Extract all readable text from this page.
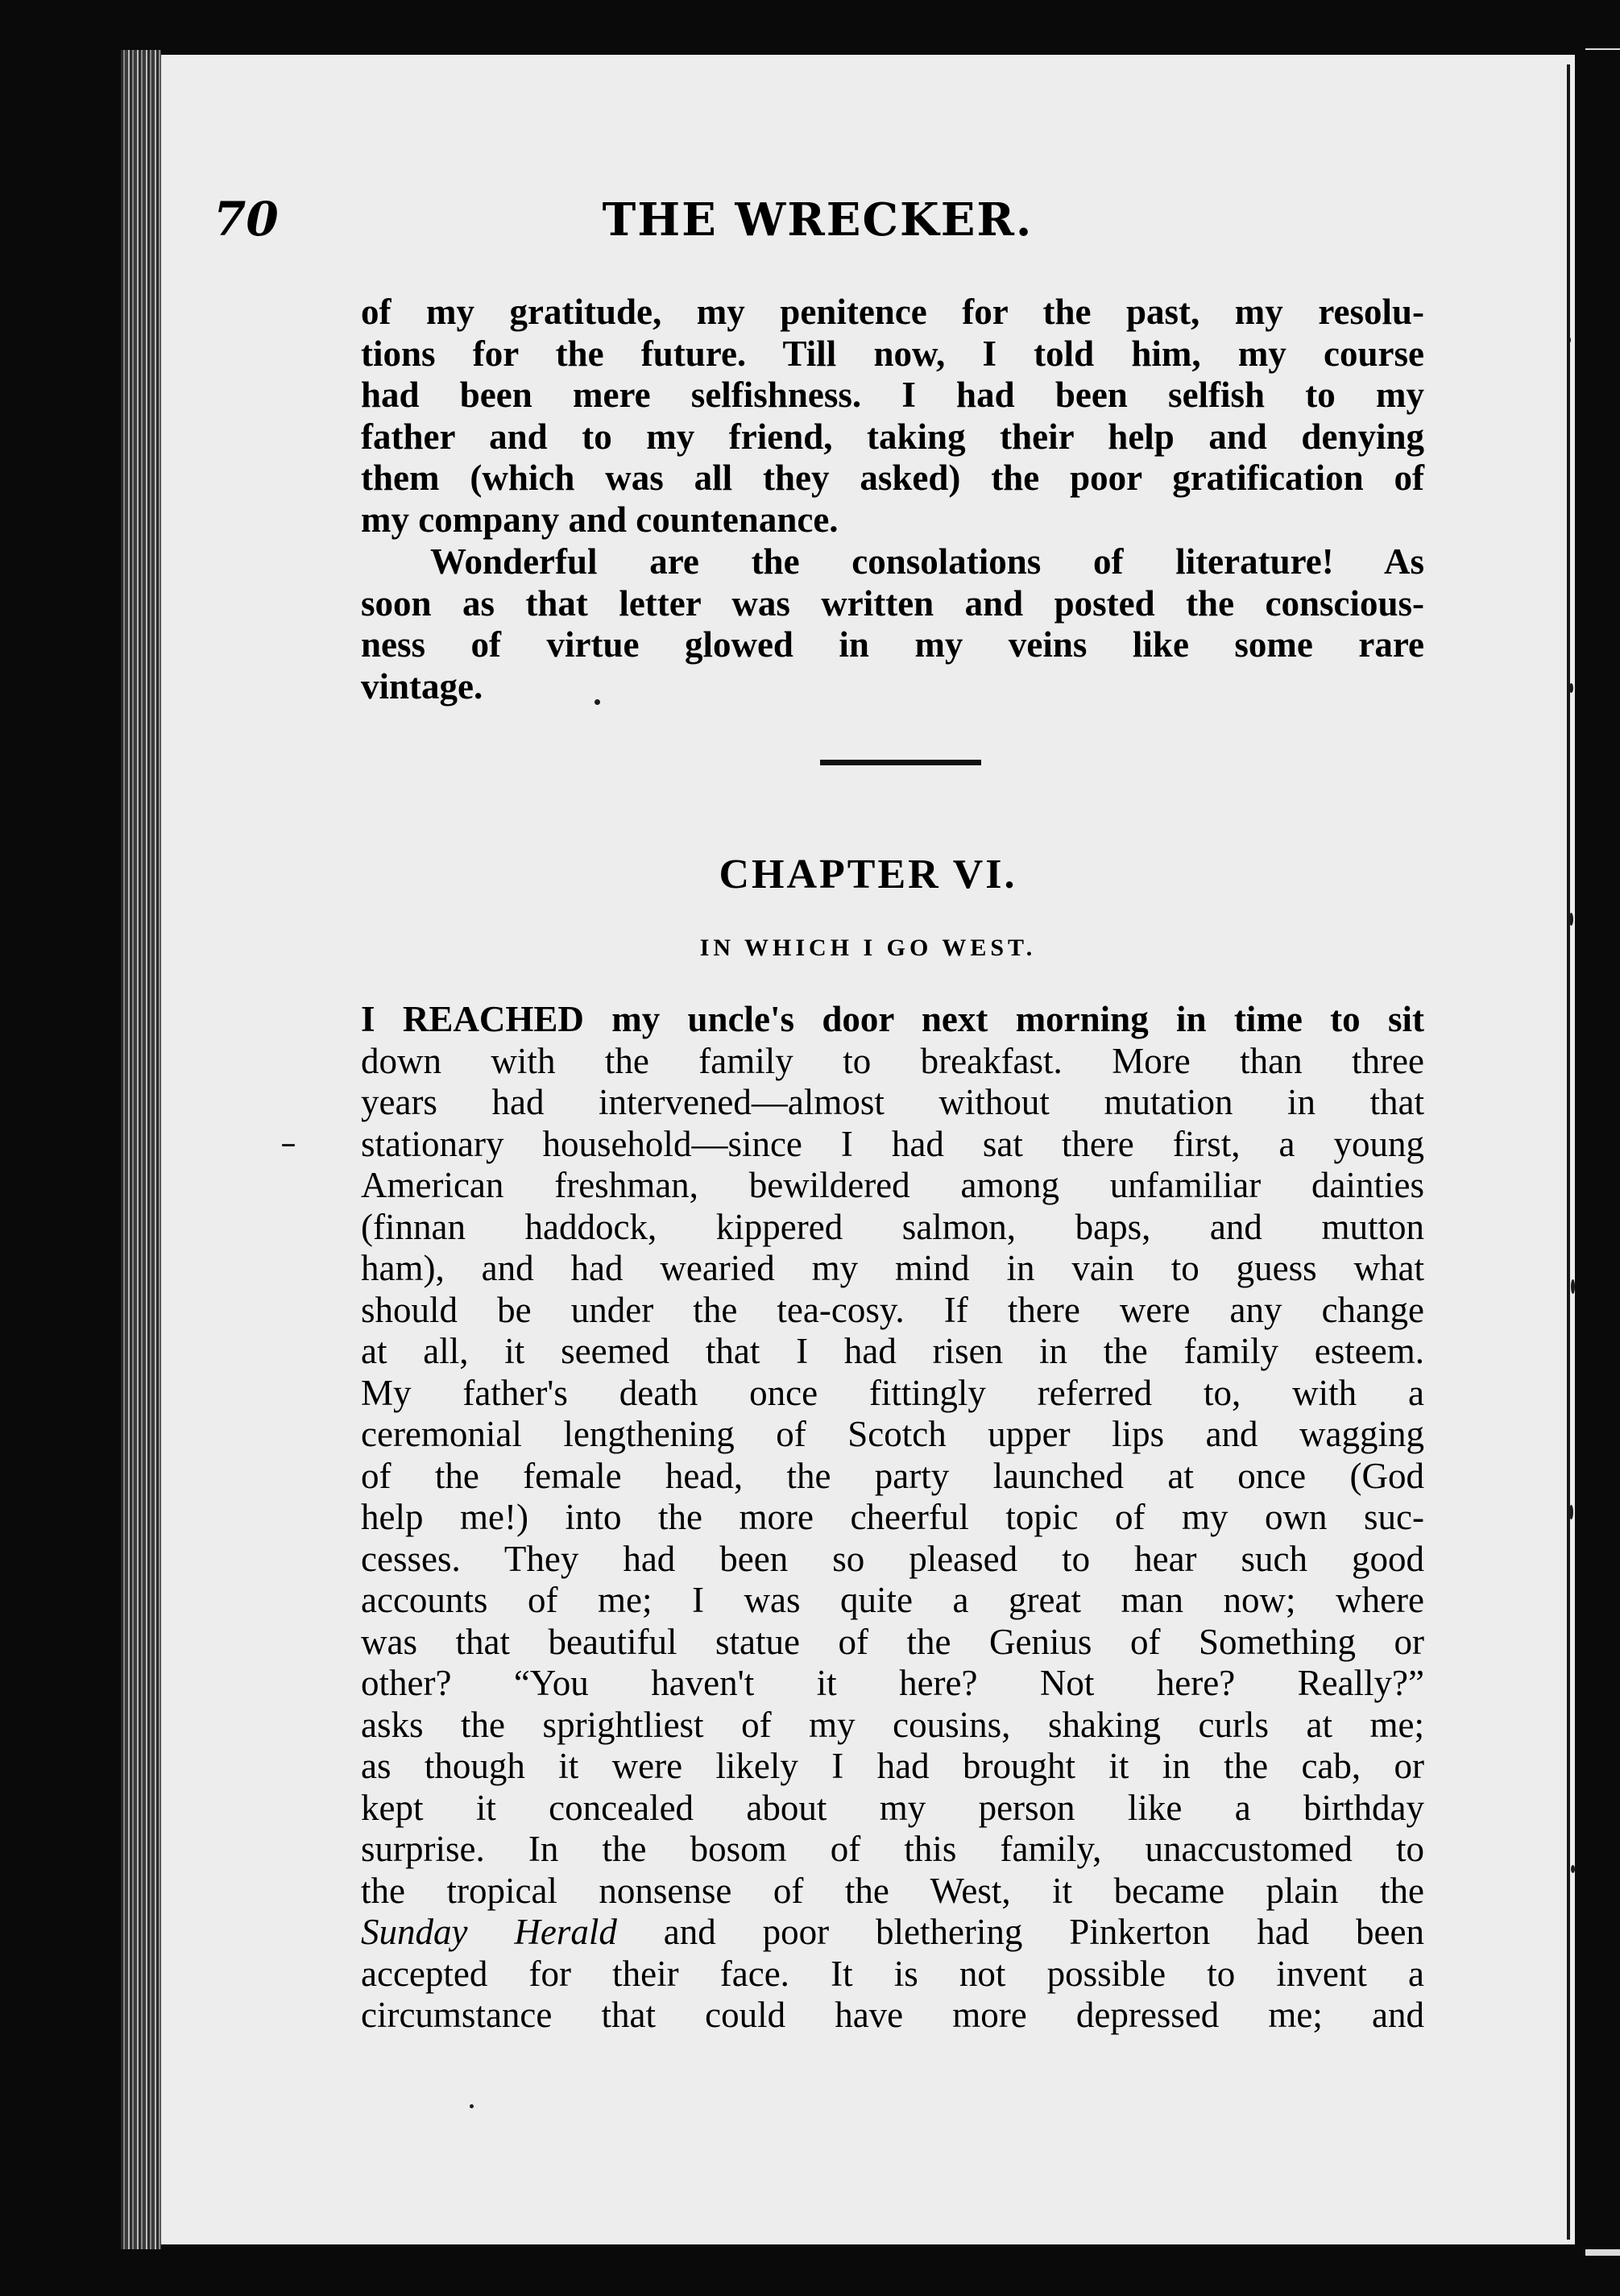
70	THE WRECKER.
of my gratitude, my penitence for the past, my resolu-
tions for the future. Till now, I told him, my course
had been mere selfishness. I had been selfish to my
father and to my friend, taking their help and denying
them (which was all they asked) the poor gratification of
my company and countenance.
Wonderful are the consolations of literature! As
soon as that letter was written and posted the conscious-
ness of virtue glowed in my veins like some rare
vintage.
CHAPTER VI.
IN WHICH I GO WEST.
I REACHED my uncle's door next morning in time to sit
down with the family to breakfast. More than three
years had intervened—almost without mutation in that
stationary household—since I had sat there first, a young
American freshman, bewildered among unfamiliar dainties
(finnan haddock, kippered salmon, baps, and mutton
ham), and had wearied my mind in vain to guess what
should be under the tea-cosy. If there were any change
at all, it seemed that I had risen in the family esteem.
My father's death once fittingly referred to, with a
ceremonial lengthening of Scotch upper lips and wagging
of the female head, the party launched at once (God
help me!) into the more cheerful topic of my own suc-
cesses. They had been so pleased to hear such good
accounts of me; I was quite a great man now; where
was that beautiful statue of the Genius of Something or
other? “You haven't it here? Not here? Really?”
asks the sprightliest of my cousins, shaking curls at me;
as though it were likely I had brought it in the cab, or
kept it concealed about my person like a birthday
surprise. In the bosom of this family, unaccustomed to
the tropical nonsense of the West, it became plain the
Sunday Herald and poor blethering Pinkerton had been
accepted for their face. It is not possible to invent a
circumstance that could have more depressed me; and
